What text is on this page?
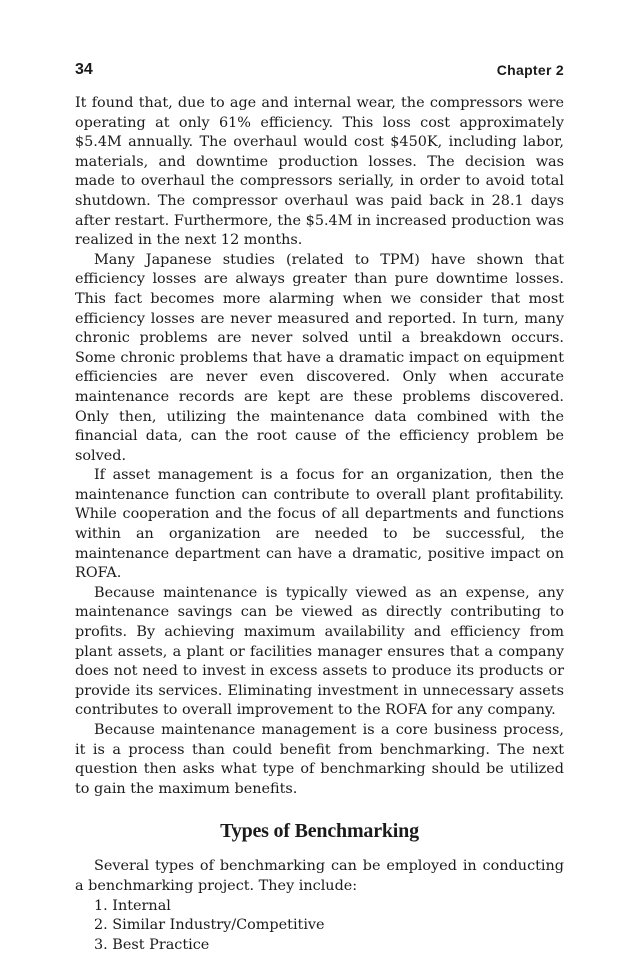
34	Chapter 2

It found that, due to age and internal wear, the compressors were operating at only 61% efficiency. This loss cost approximately $5.4M annually. The overhaul would cost $450K, including labor, materials, and downtime production losses. The decision was made to overhaul the compressors serially, in order to avoid total shutdown. The compressor overhaul was paid back in 28.1 days after restart. Furthermore, the $5.4M in increased production was realized in the next 12 months.

Many Japanese studies (related to TPM) have shown that efficiency losses are always greater than pure downtime losses. This fact becomes more alarming when we consider that most efficiency losses are never measured and reported. In turn, many chronic problems are never solved until a breakdown occurs. Some chronic problems that have a dramatic impact on equipment efficiencies are never even discovered. Only when accurate maintenance records are kept are these problems discovered. Only then, utilizing the maintenance data combined with the financial data, can the root cause of the efficiency problem be solved.

If asset management is a focus for an organization, then the maintenance function can contribute to overall plant profitability. While cooperation and the focus of all departments and functions within an organization are needed to be successful, the maintenance department can have a dramatic, positive impact on ROFA.

Because maintenance is typically viewed as an expense, any maintenance savings can be viewed as directly contributing to profits. By achieving maximum availability and efficiency from plant assets, a plant or facilities manager ensures that a company does not need to invest in excess assets to produce its products or provide its services. Eliminating investment in unnecessary assets contributes to overall improvement to the ROFA for any company.

Because maintenance management is a core business process, it is a process than could benefit from benchmarking. The next question then asks what type of benchmarking should be utilized to gain the maximum benefits.

Types of Benchmarking

Several types of benchmarking can be employed in conducting a benchmarking project. They include:

1. Internal
2. Similar Industry/Competitive
3. Best Practice
